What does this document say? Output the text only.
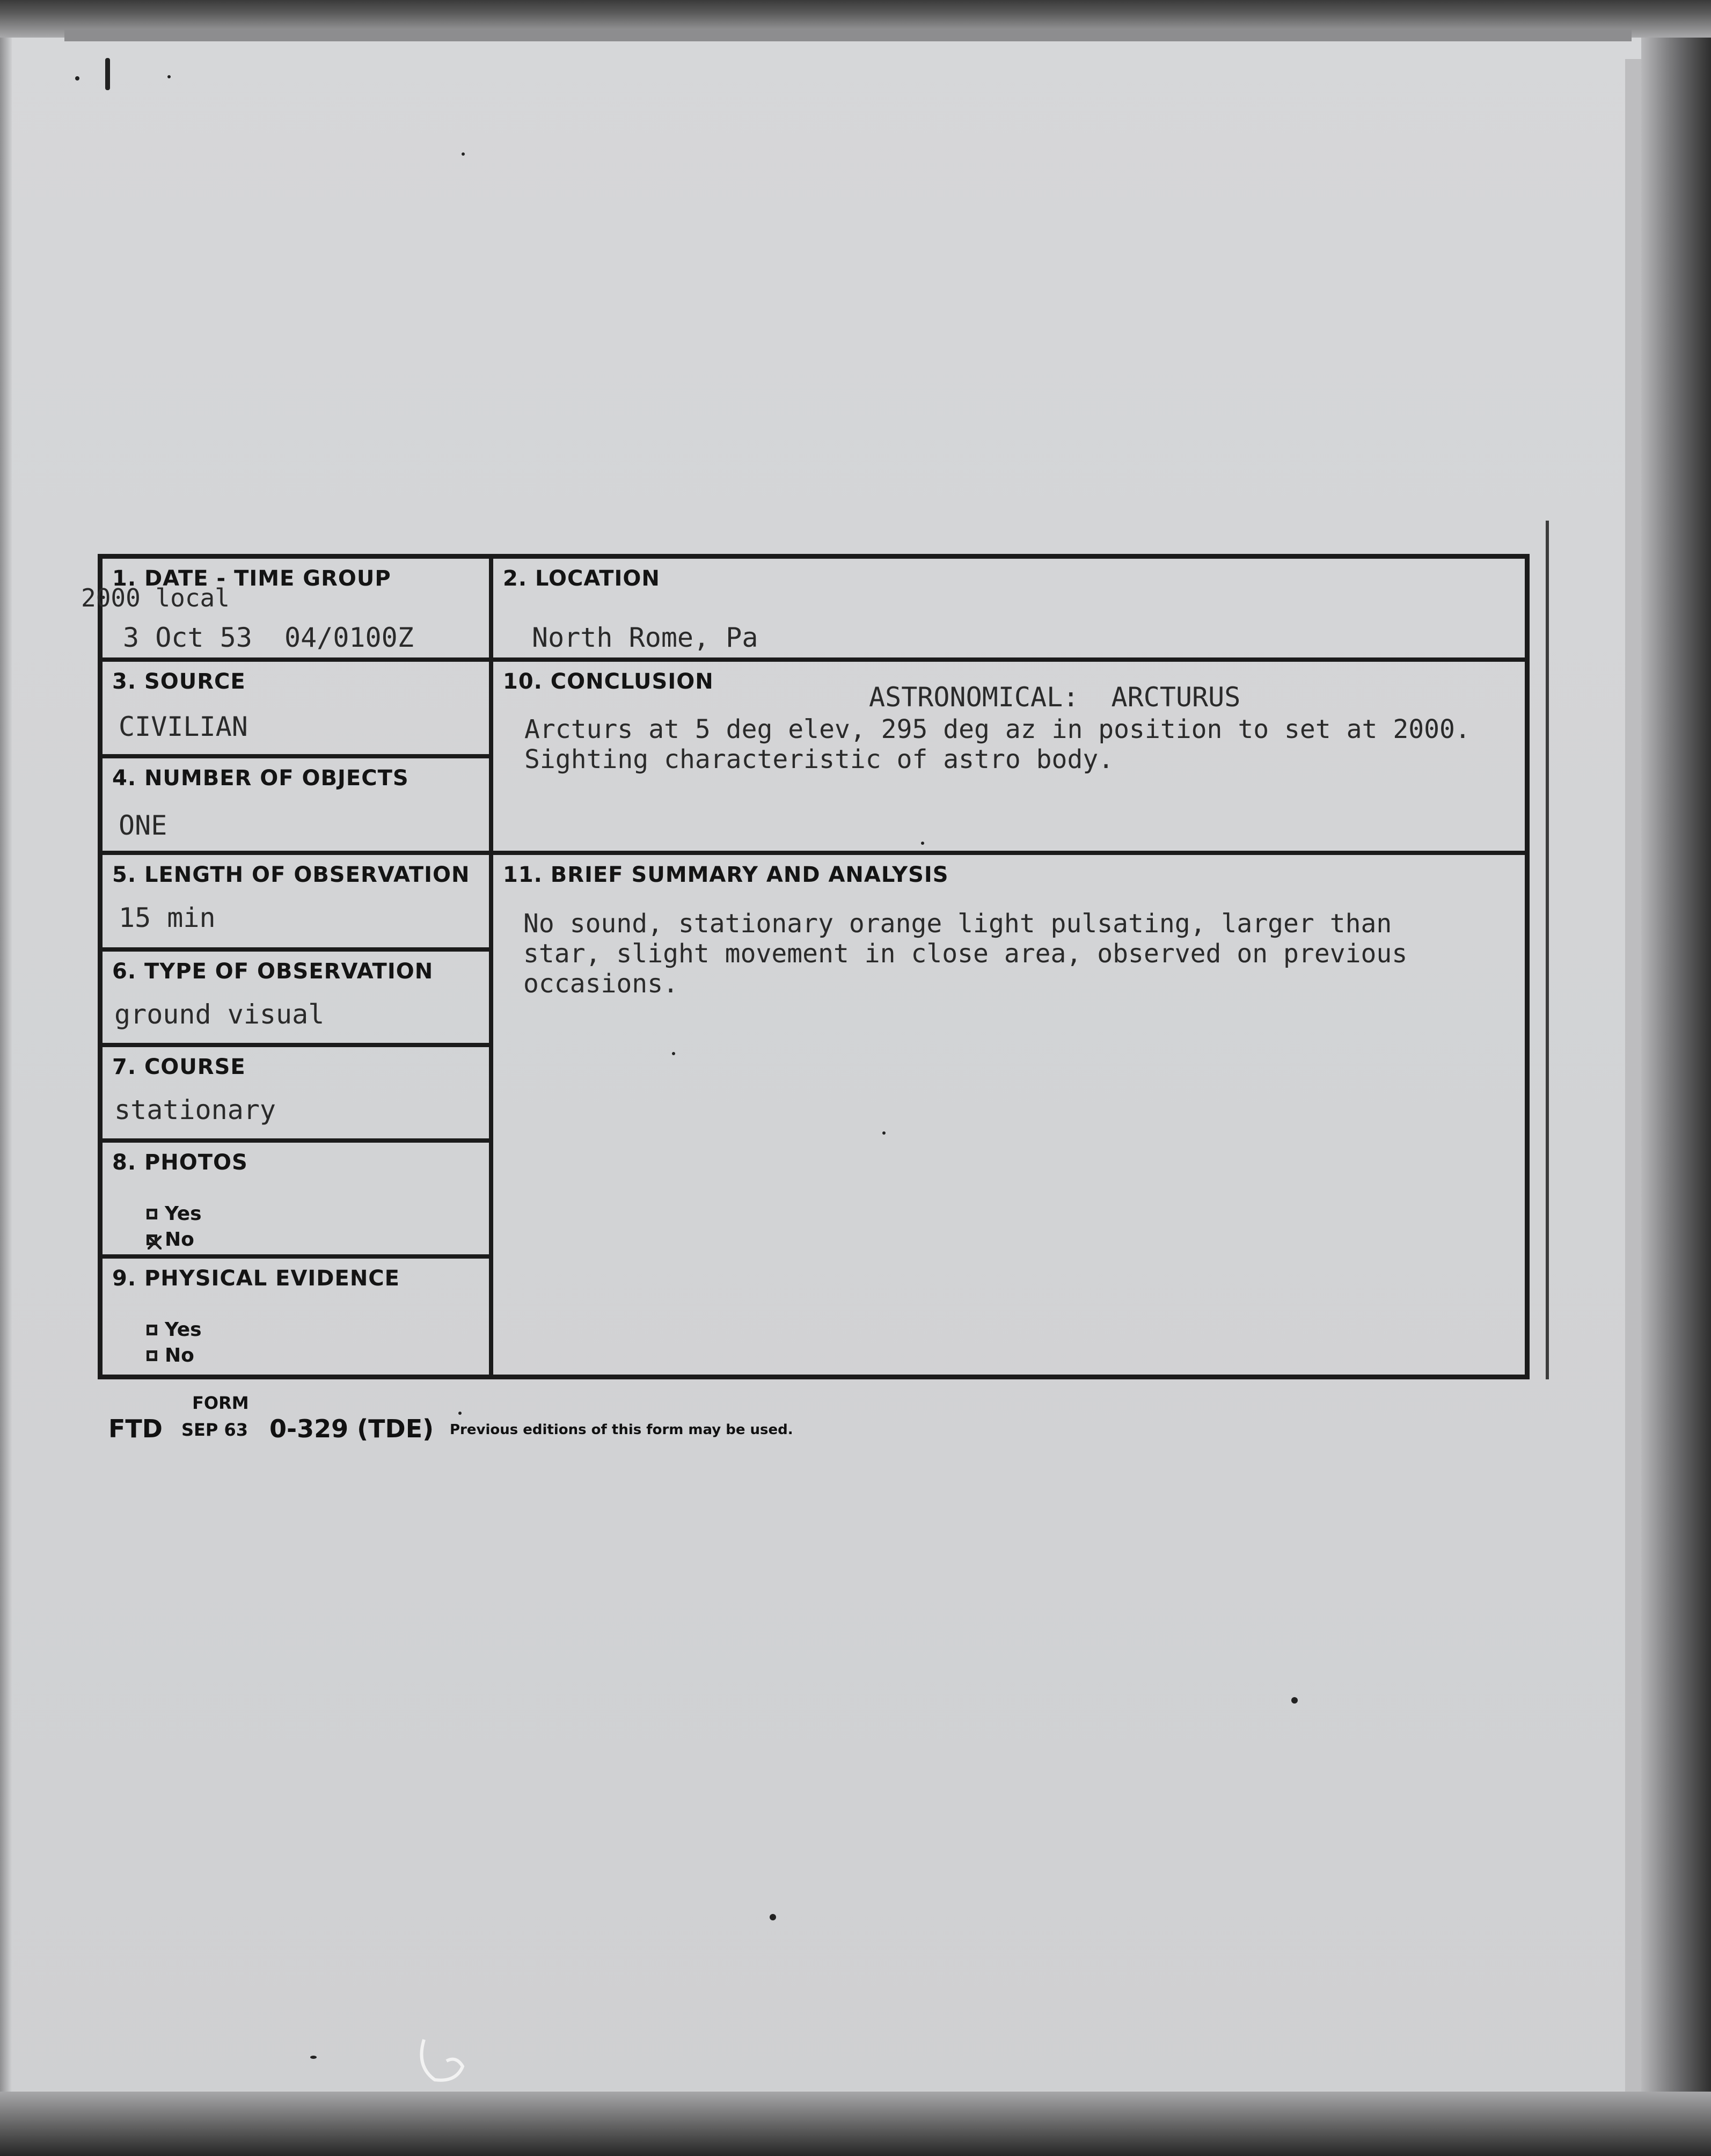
1. DATE - TIME GROUP
2000 local
3 Oct 53  04/0100Z
3. SOURCE
CIVILIAN
4. NUMBER OF OBJECTS
ONE
5. LENGTH OF OBSERVATION
15 min
6. TYPE OF OBSERVATION
ground visual
7. COURSE
stationary
8. PHOTOS
Yes
No
9. PHYSICAL EVIDENCE
Yes
No
2. LOCATION
North Rome, Pa
10. CONCLUSION	ASTRONOMICAL:  ARCTURUS
Arcturs at 5 deg elev, 295 deg az in position to set at 2000.
Sighting characteristic of astro body.
11. BRIEF SUMMARY AND ANALYSIS
No sound, stationary orange light pulsating, larger than
star, slight movement in close area, observed on previous
occasions.
FORM
FTD SEP 63 0-329 (TDE) Previous editions of this form may be used.
